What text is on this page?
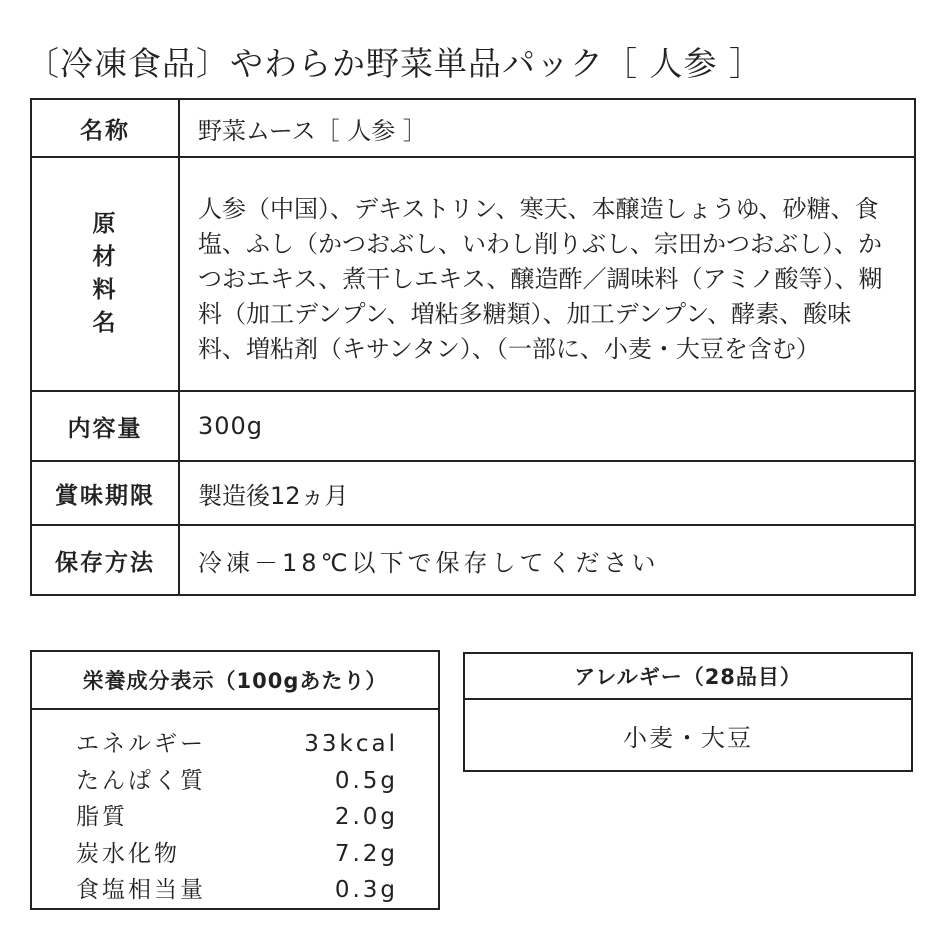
〔冷凍食品〕やわらか野菜単品パック［ 人参 ］
名称	野菜ムース［ 人参 ］
原材料名	人参（中国）、デキストリン、寒天、本醸造しょうゆ、砂糖、食塩、ふし（かつおぶし、いわし削りぶし、宗田かつおぶし）、かつおエキス、煮干しエキス、醸造酢／調味料（アミノ酸等）、糊料（加工デンプン、増粘多糖類）、加工デンプン、酵素、酸味料、増粘剤（キサンタン）、（一部に、小麦・大豆を含む）
内容量	300g
賞味期限	製造後12ヵ月
保存方法	冷凍－18℃以下で保存してください
栄養成分表示（100gあたり）
エネルギー	33kcal
たんぱく質	0.5g
脂質	2.0g
炭水化物	7.2g
食塩相当量	0.3g
アレルギー（28品目）
小麦・大豆
